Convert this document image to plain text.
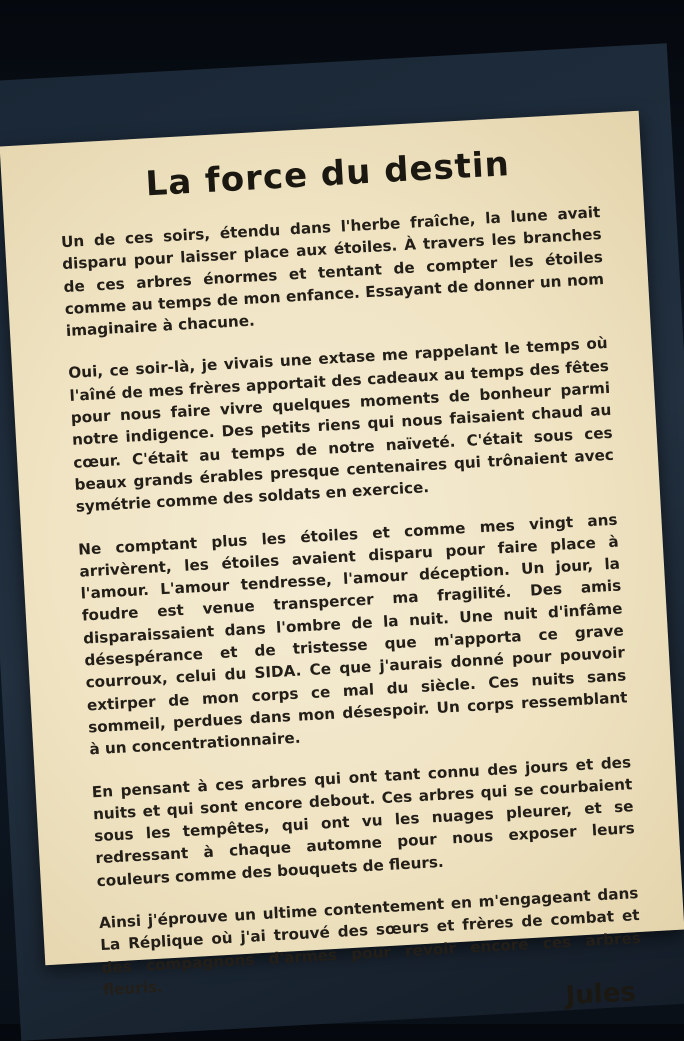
La force du destin

Un de ces soirs, étendu dans l'herbe fraîche, la lune avait disparu pour laisser place aux étoiles. À travers les branches de ces arbres énormes et tentant de compter les étoiles comme au temps de mon enfance. Essayant de donner un nom imaginaire à chacune.

Oui, ce soir-là, je vivais une extase me rappelant le temps où l'aîné de mes frères apportait des cadeaux au temps des fêtes pour nous faire vivre quelques moments de bonheur parmi notre indigence. Des petits riens qui nous faisaient chaud au cœur. C'était au temps de notre naïveté. C'était sous ces beaux grands érables presque centenaires qui trônaient avec symétrie comme des soldats en exercice.

Ne comptant plus les étoiles et comme mes vingt ans arrivèrent, les étoiles avaient disparu pour faire place à l'amour. L'amour tendresse, l'amour déception. Un jour, la foudre est venue transpercer ma fragilité. Des amis disparaissaient dans l'ombre de la nuit. Une nuit d'infâme désespérance et de tristesse que m'apporta ce grave courroux, celui du SIDA. Ce que j'aurais donné pour pouvoir extirper de mon corps ce mal du siècle. Ces nuits sans sommeil, perdues dans mon désespoir. Un corps ressemblant à un concentrationnaire.

En pensant à ces arbres qui ont tant connu des jours et des nuits et qui sont encore debout. Ces arbres qui se courbaient sous les tempêtes, qui ont vu les nuages pleurer, et se redressant à chaque automne pour nous exposer leurs couleurs comme des bouquets de fleurs.

Ainsi j'éprouve un ultime contentement en m'engageant dans La Réplique où j'ai trouvé des sœurs et frères de combat et des compagnons d'armes pour revoir encore ces arbres fleuris.	Jules
